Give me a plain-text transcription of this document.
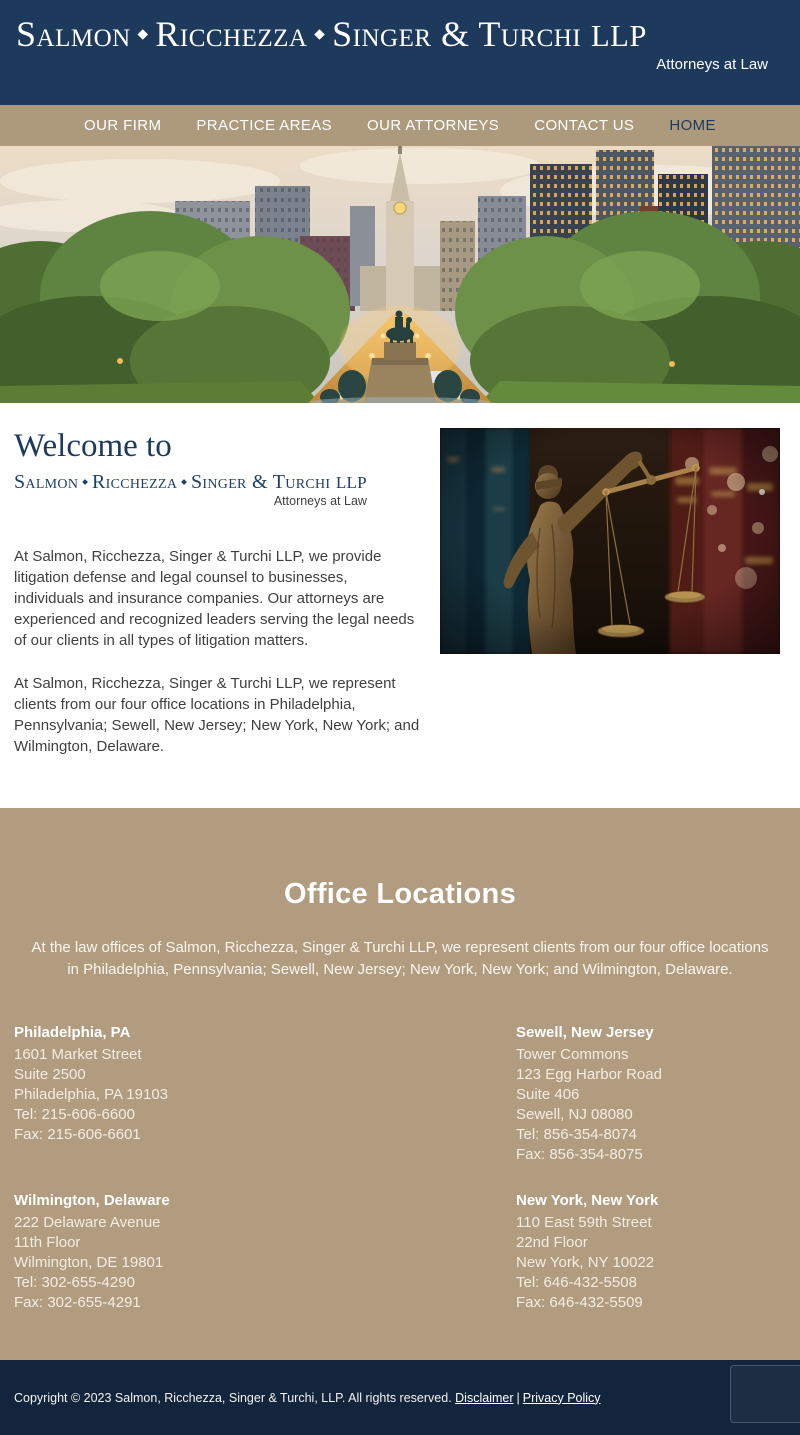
Salmon ◆ Ricchezza ◆ Singer & Turchi LLP
Attorneys at Law
OUR FIRM PRACTICE AREAS OUR ATTORNEYS CONTACT US HOME
Welcome to
Salmon ◆ Ricchezza ◆ Singer & Turchi LLP
Attorneys at Law

At Salmon, Ricchezza, Singer & Turchi LLP, we provide litigation defense and legal counsel to businesses, individuals and insurance companies. Our attorneys are experienced and recognized leaders serving the legal needs of our clients in all types of litigation matters.

At Salmon, Ricchezza, Singer & Turchi LLP, we represent clients from our four office locations in Philadelphia, Pennsylvania; Sewell, New Jersey; New York, New York; and Wilmington, Delaware.

Office Locations

At the law offices of Salmon, Ricchezza, Singer & Turchi LLP, we represent clients from our four office locations in Philadelphia, Pennsylvania; Sewell, New Jersey; New York, New York; and Wilmington, Delaware.

Philadelphia, PA
1601 Market Street
Suite 2500
Philadelphia, PA 19103
Tel: 215-606-6600
Fax: 215-606-6601
Sewell, New Jersey
Tower Commons
123 Egg Harbor Road
Suite 406
Sewell, NJ 08080
Tel: 856-354-8074
Fax: 856-354-8075
Wilmington, Delaware
222 Delaware Avenue
11th Floor
Wilmington, DE 19801
Tel: 302-655-4290
Fax: 302-655-4291
New York, New York
110 East 59th Street
22nd Floor
New York, NY 10022
Tel: 646-432-5508
Fax: 646-432-5509
Copyright © 2023 Salmon, Ricchezza, Singer & Turchi, LLP. All rights reserved.
Disclaimer | Privacy Policy
